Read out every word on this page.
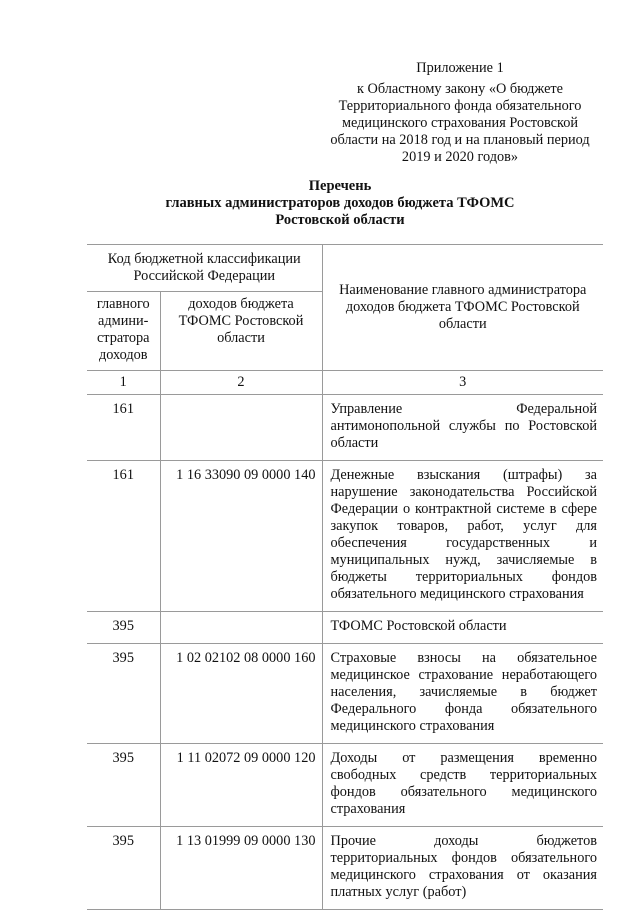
Приложение 1
к Областному закону «О бюджете
Территориального фонда обязательного
медицинского страхования Ростовской
области на 2018 год и на плановый период
2019 и 2020 годов»
Перечень
главных администраторов доходов бюджета ТФОМС
Ростовской области
Код бюджетной классификации Российской Федерации		Наименование главного администратора доходов бюджета ТФОМС Ростовской области
главного админи-стратора доходов	доходов бюджета ТФОМС Ростовской области	
1	2	3
161		Управление Федеральной антимонопольной службы по Ростовской области
161	1 16 33090 09 0000 140	Денежные взыскания (штрафы) за нарушение законодательства Российской Федерации о контрактной системе в сфере закупок товаров, работ, услуг для обеспечения государственных и муниципальных нужд, зачисляемые в бюджеты территориальных фондов обязательного медицинского страхования
395		ТФОМС Ростовской области
395	1 02 02102 08 0000 160	Страховые взносы на обязательное медицинское страхование неработающего населения, зачисляемые в бюджет Федерального фонда обязательного медицинского страхования
395	1 11 02072 09 0000 120	Доходы от размещения временно свободных средств территориальных фондов обязательного медицинского страхования
395	1 13 01999 09 0000 130	Прочие доходы бюджетов территориальных фондов обязательного медицинского страхования от оказания платных услуг (работ)
